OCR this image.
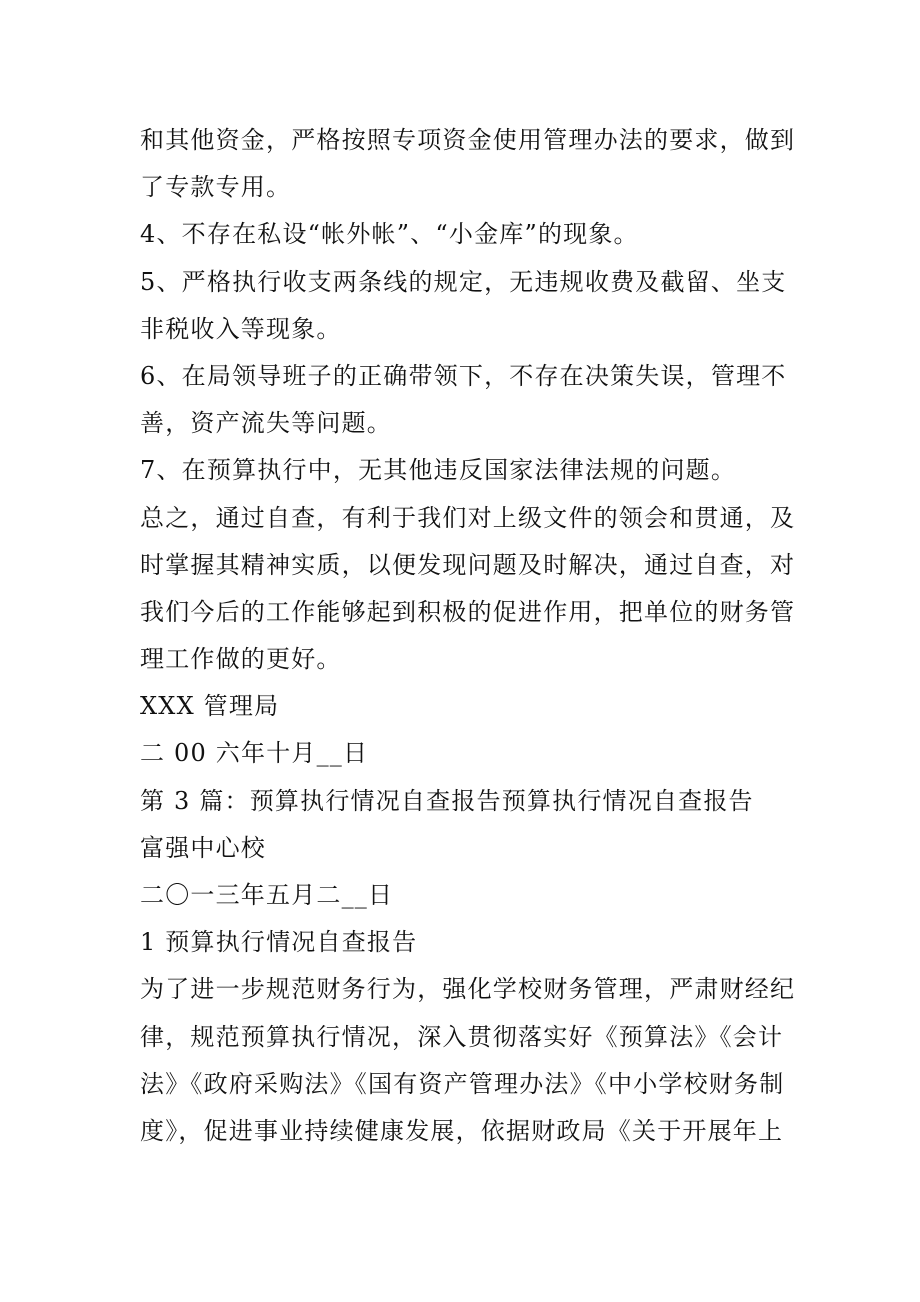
和其他资金，严格按照专项资金使用管理办法的要求，做到
了专款专用。
4、不存在私设“帐外帐”、“小金库”的现象。
5、严格执行收支两条线的规定，无违规收费及截留、坐支
非税收入等现象。
6、在局领导班子的正确带领下，不存在决策失误，管理不
善，资产流失等问题。
7、在预算执行中，无其他违反国家法律法规的问题。
总之，通过自查，有利于我们对上级文件的领会和贯通，及
时掌握其精神实质，以便发现问题及时解决，通过自查，对
我们今后的工作能够起到积极的促进作用，把单位的财务管
理工作做的更好。
XXX 管理局
二 00 六年十月__日
第 3 篇：预算执行情况自查报告预算执行情况自查报告
富强中心校
二〇一三年五月二__日
1 预算执行情况自查报告
为了进一步规范财务行为，强化学校财务管理，严肃财经纪
律，规范预算执行情况，深入贯彻落实好《预算法》《会计
法》《政府采购法》《国有资产管理办法》《中小学校财务制
度》，促进事业持续健康发展，依据财政局《关于开展年上
